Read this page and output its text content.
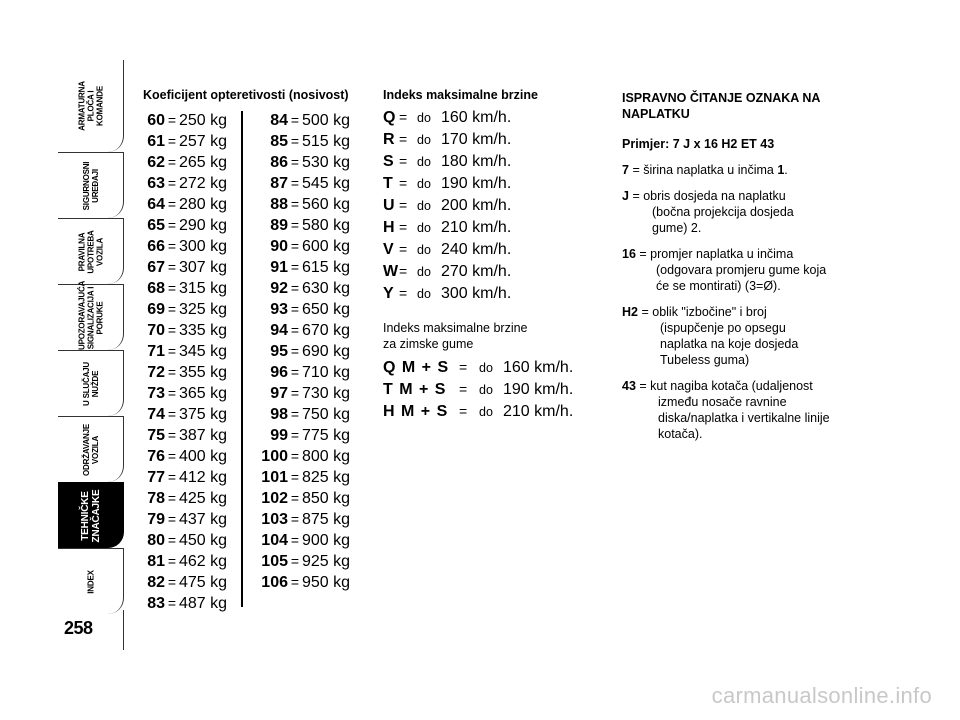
ARMATURNA
PLOČA I
KOMANDE
SIGURNOSNI
UREĐAJI
PRAVILNA
UPOTREBA
VOZILA
UPOZORAVAJUĆA
SIGNALIZACIJA I
PORUKE
U SLUČAJU
NUŽDE
ODRŽAVANJE
VOZILA
TEHNIČKE
ZNAČAJKE
INDEX
258
Koeficijent opteretivosti (nosivost)
60 = 250 kg
61 = 257 kg
62 = 265 kg
63 = 272 kg
64 = 280 kg
65 = 290 kg
66 = 300 kg
67 = 307 kg
68 = 315 kg
69 = 325 kg
70 = 335 kg
71 = 345 kg
72 = 355 kg
73 = 365 kg
74 = 375 kg
75 = 387 kg
76 = 400 kg
77 = 412 kg
78 = 425 kg
79 = 437 kg
80 = 450 kg
81 = 462 kg
82 = 475 kg
83 = 487 kg
84 = 500 kg
85 = 515 kg
86 = 530 kg
87 = 545 kg
88 = 560 kg
89 = 580 kg
90 = 600 kg
91 = 615 kg
92 = 630 kg
93 = 650 kg
94 = 670 kg
95 = 690 kg
96 = 710 kg
97 = 730 kg
98 = 750 kg
99 = 775 kg
100 = 800 kg
101 = 825 kg
102 = 850 kg
103 = 875 kg
104 = 900 kg
105 = 925 kg
106 = 950 kg
Indeks maksimalne brzine
Q = do 160 km/h.
R = do 170 km/h.
S = do 180 km/h.
T = do 190 km/h.
U = do 200 km/h.
H = do 210 km/h.
V = do 240 km/h.
W= do 270 km/h.
Y = do 300 km/h.
Indeks maksimalne brzine
za zimske gume
Q M + S = do 160 km/h.
T M + S = do 190 km/h.
H M + S = do 210 km/h.
ISPRAVNO ČITANJE OZNAKA NA
NAPLATKU
Primjer: 7 J x 16 H2 ET 43
7 = širina naplatka u inčima 1.
J = obris dosjeda na naplatku
(bočna projekcija dosjeda
gume) 2.
16 = promjer naplatka u inčima
(odgovara promjeru gume koja
će se montirati) (3=Ø).
H2 = oblik "izbočine" i broj
(ispupčenje po opsegu
naplatka na koje dosjeda
Tubeless guma)
43 = kut nagiba kotača (udaljenost
između nosače ravnine
diska/naplatka i vertikalne linije
kotača).
carmanualsonline.info
